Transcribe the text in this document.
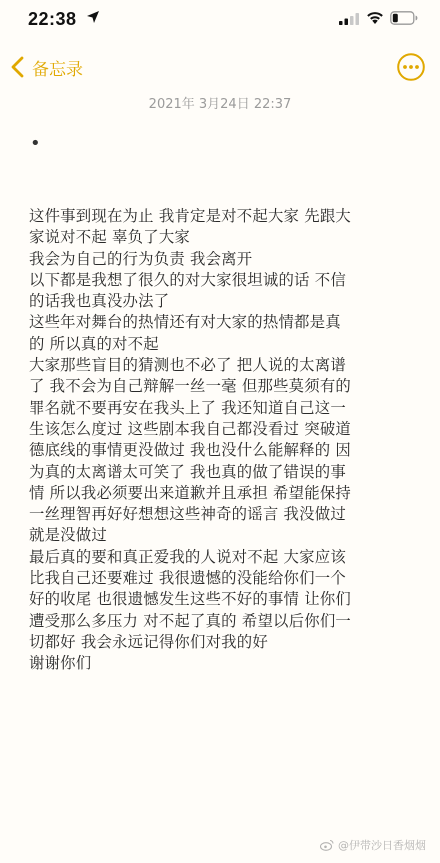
22:38
备忘录
2021年 3月24日 22:37
•
这件事到现在为止 我肯定是对不起大家 先跟大
家说对不起 辜负了大家
我会为自己的行为负责 我会离开
以下都是我想了很久的对大家很坦诚的话 不信
的话我也真没办法了
这些年对舞台的热情还有对大家的热情都是真
的 所以真的对不起
大家那些盲目的猜测也不必了 把人说的太离谱
了 我不会为自己辩解一丝一毫 但那些莫须有的
罪名就不要再安在我头上了 我还知道自己这一
生该怎么度过 这些剧本我自己都没看过 突破道
德底线的事情更没做过 我也没什么能解释的 因
为真的太离谱太可笑了 我也真的做了错误的事
情 所以我必须要出来道歉并且承担 希望能保持
一丝理智再好好想想这些神奇的谣言 我没做过
就是没做过
最后真的要和真正爱我的人说对不起 大家应该
比我自己还要难过 我很遗憾的没能给你们一个
好的收尾 也很遗憾发生这些不好的事情 让你们
遭受那么多压力 对不起了真的 希望以后你们一
切都好 我会永远记得你们对我的好
谢谢你们
@伊带沙日香烟烟
